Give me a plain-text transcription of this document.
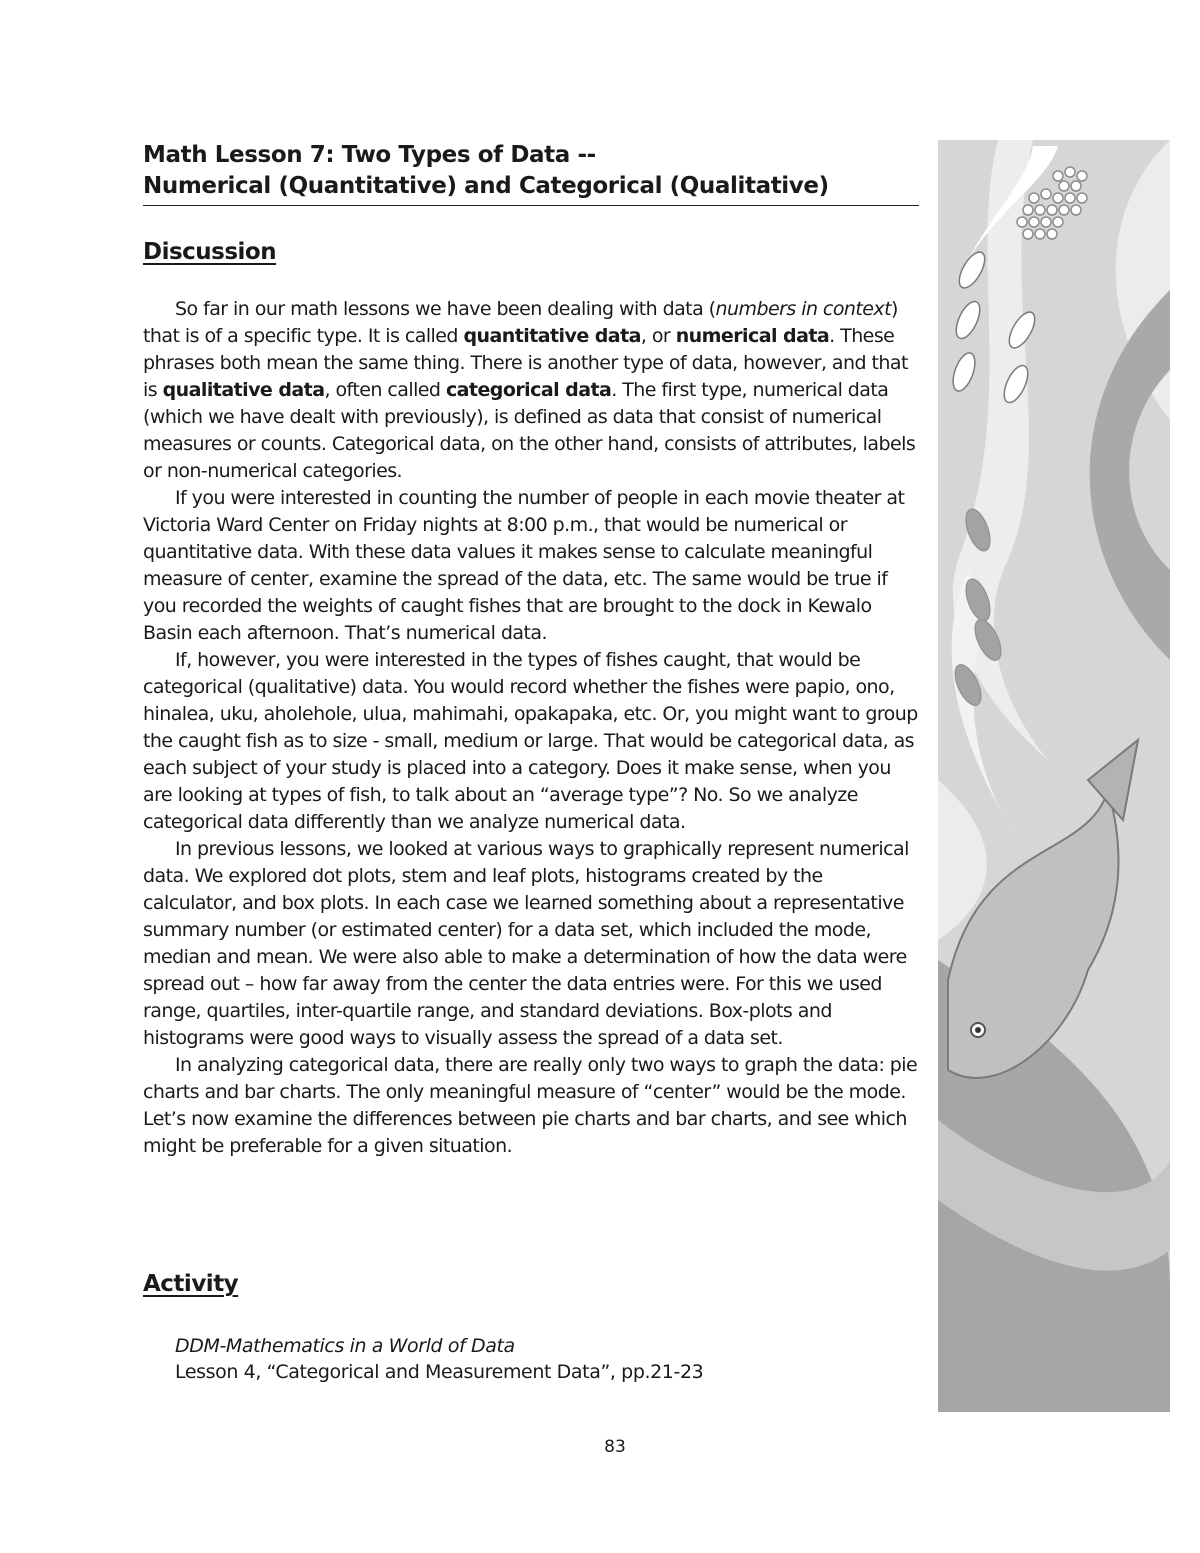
Math Lesson 7: Two Types of Data --
Numerical (Quantitative) and Categorical (Qualitative)
Discussion

So far in our math lessons we have been dealing with data (numbers in context) that is of a specific type. It is called quantitative data, or numerical data. These phrases both mean the same thing. There is another type of data, however, and that is qualitative data, often called categorical data. The first type, numerical data (which we have dealt with previously), is defined as data that consist of numerical measures or counts. Categorical data, on the other hand, consists of attributes, labels or non-numerical categories.

If you were interested in counting the number of people in each movie theater at Victoria Ward Center on Friday nights at 8:00 p.m., that would be numerical or quantitative data. With these data values it makes sense to calculate meaningful measure of center, examine the spread of the data, etc. The same would be true if you recorded the weights of caught fishes that are brought to the dock in Kewalo Basin each afternoon. That’s numerical data.

If, however, you were interested in the types of fishes caught, that would be categorical (qualitative) data. You would record whether the fishes were papio, ono, hinalea, uku, aholehole, ulua, mahimahi, opakapaka, etc. Or, you might want to group the caught fish as to size - small, medium or large. That would be categorical data, as each subject of your study is placed into a category. Does it make sense, when you are looking at types of fish, to talk about an “average type”? No. So we analyze categorical data differently than we analyze numerical data.

In previous lessons, we looked at various ways to graphically represent numerical data. We explored dot plots, stem and leaf plots, histograms created by the calculator, and box plots. In each case we learned something about a representative summary number (or estimated center) for a data set, which included the mode, median and mean. We were also able to make a determination of how the data were spread out – how far away from the center the data entries were. For this we used range, quartiles, inter-quartile range, and standard deviations. Box-plots and histograms were good ways to visually assess the spread of a data set.

In analyzing categorical data, there are really only two ways to graph the data: pie charts and bar charts. The only meaningful measure of “center” would be the mode. Let’s now examine the differences between pie charts and bar charts, and see which might be preferable for a given situation.

Activity
DDM-Mathematics in a World of Data
Lesson 4, “Categorical and Measurement Data”, pp.21-23
83
